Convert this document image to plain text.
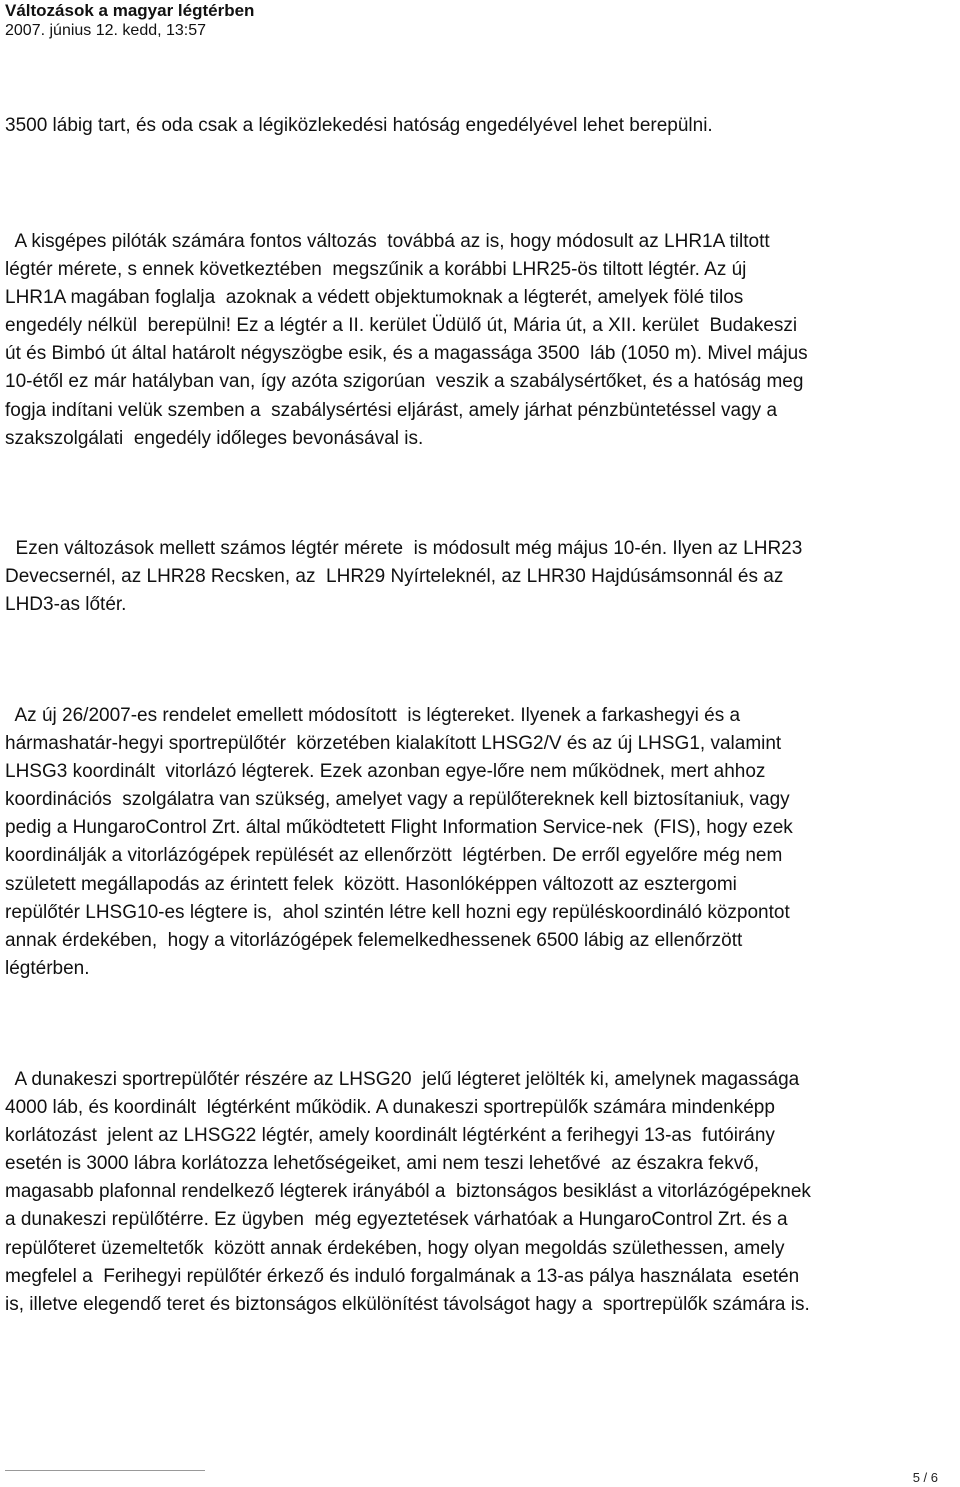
Változások a magyar légtérben
2007. június 12. kedd, 13:57

3500 lábig tart, és oda csak a légiközlekedési hatóság engedélyével lehet berepülni.

A kisgépes pilóták számára fontos változás  továbbá az is, hogy módosult az LHR1A tiltott
légtér mérete, s ennek következtében  megszűnik a korábbi LHR25-ös tiltott légtér. Az új
LHR1A magában foglalja  azoknak a védett objektumoknak a légterét, amelyek fölé tilos
engedély nélkül  berepülni! Ez a légtér a II. kerület Üdülő út, Mária út, a XII. kerület  Budakeszi
út és Bimbó út által határolt négyszögbe esik, és a magassága 3500  láb (1050 m). Mivel május
10-étől ez már hatályban van, így azóta szigorúan  veszik a szabálysértőket, és a hatóság meg
fogja indítani velük szemben a  szabálysértési eljárást, amely járhat pénzbüntetéssel vagy a
szakszolgálati  engedély időleges bevonásával is.

Ezen változások mellett számos légtér mérete  is módosult még május 10-én. Ilyen az LHR23
Devecsernél, az LHR28 Recsken, az  LHR29 Nyírteleknél, az LHR30 Hajdúsámsonnál és az
LHD3-as lőtér.

Az új 26/2007-es rendelet emellett módosított  is légtereket. Ilyenek a farkashegyi és a
hármashatár-hegyi sportrepülőtér  körzetében kialakított LHSG2/V és az új LHSG1, valamint
LHSG3 koordinált  vitorlázó légterek. Ezek azonban egye-lőre nem működnek, mert ahhoz
koordinációs  szolgálatra van szükség, amelyet vagy a repülőtereknek kell biztosítaniuk, vagy
pedig a HungaroControl Zrt. által működtetett Flight Information Service-nek  (FIS), hogy ezek
koordinálják a vitorlázógépek repülését az ellenőrzött  légtérben. De erről egyelőre még nem
született megállapodás az érintett felek  között. Hasonlóképpen változott az esztergomi
repülőtér LHSG10-es légtere is,  ahol szintén létre kell hozni egy repüléskoordináló központot
annak érdekében,  hogy a vitorlázógépek felemelkedhessenek 6500 lábig az ellenőrzött
légtérben.

A dunakeszi sportrepülőtér részére az LHSG20  jelű légteret jelölték ki, amelynek magassága
4000 láb, és koordinált  légtérként működik. A dunakeszi sportrepülők számára mindenképp
korlátozást  jelent az LHSG22 légtér, amely koordinált légtérként a ferihegyi 13-as  futóirány
esetén is 3000 lábra korlátozza lehetőségeiket, ami nem teszi lehetővé  az északra fekvő,
magasabb plafonnal rendelkező légterek irányából a  biztonságos besiklást a vitorlázógépeknek
a dunakeszi repülőtérre. Ez ügyben  még egyeztetések várhatóak a HungaroControl Zrt. és a
repülőteret üzemeltetők  között annak érdekében, hogy olyan megoldás születhessen, amely
megfelel a  Ferihegyi repülőtér érkező és induló forgalmának a 13-as pálya használata  esetén
is, illetve elegendő teret és biztonságos elkülönítést távolságot hagy a  sportrepülők számára is.

5 / 6
